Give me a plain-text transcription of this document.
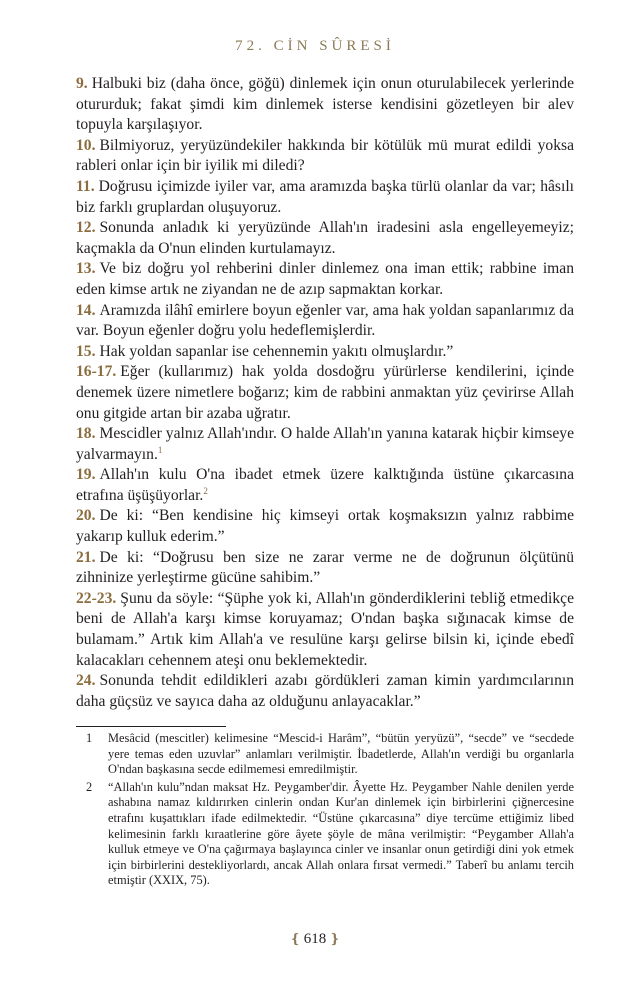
72. CİN SÛRESİ

9. Halbuki biz (daha önce, göğü) dinlemek için onun oturulabilecek yerlerinde otururduk; fakat şimdi kim dinlemek isterse kendisini gözetleyen bir alev topuyla karşılaşıyor.

10. Bilmiyoruz, yeryüzündekiler hakkında bir kötülük mü murat edildi yoksa rableri onlar için bir iyilik mi diledi?

11. Doğrusu içimizde iyiler var, ama aramızda başka türlü olanlar da var; hâsılı biz farklı gruplardan oluşuyoruz.

12. Sonunda anladık ki yeryüzünde Allah'ın iradesini asla engelleyemeyiz; kaçmakla da O'nun elinden kurtulamayız.

13. Ve biz doğru yol rehberini dinler dinlemez ona iman ettik; rabbine iman eden kimse artık ne ziyandan ne de azıp sapmaktan korkar.

14. Aramızda ilâhî emirlere boyun eğenler var, ama hak yoldan sapanlarımız da var. Boyun eğenler doğru yolu hedeflemişlerdir.

15. Hak yoldan sapanlar ise cehennemin yakıtı olmuşlardır.”

16-17. Eğer (kullarımız) hak yolda dosdoğru yürürlerse kendilerini, içinde denemek üzere nimetlere boğarız; kim de rabbini anmaktan yüz çevirirse Allah onu gitgide artan bir azaba uğratır.

18. Mescidler yalnız Allah'ındır. O halde Allah'ın yanına katarak hiçbir kimseye yalvarmayın.$^1$

19. Allah'ın kulu O'na ibadet etmek üzere kalktığında üstüne çıkarcasına etrafına üşüşüyorlar.$^2$

20. De ki: “Ben kendisine hiç kimseyi ortak koşmaksızın yalnız rabbime yakarıp kulluk ederim.”

21. De ki: “Doğrusu ben size ne zarar verme ne de doğrunun ölçütünü zihninize yerleştirme gücüne sahibim.”

22-23. Şunu da söyle: “Şüphe yok ki, Allah'ın gönderdiklerini tebliğ etmedikçe beni de Allah'a karşı kimse koruyamaz; O'ndan başka sığınacak kimse de bulamam.” Artık kim Allah'a ve resulüne karşı gelirse bilsin ki, içinde ebedî kalacakları cehennem ateşi onu beklemektedir.

24. Sonunda tehdit edildikleri azabı gördükleri zaman kimin yardımcılarının daha güçsüz ve sayıca daha az olduğunu anlayacaklar.”

1	Mesâcid (mescitler) kelimesine “Mescid-i Harâm”, “bütün yeryüzü”, “secde” ve “secdede yere temas eden uzuvlar” anlamları verilmiştir. İbadetlerde, Allah'ın verdiği bu organlarla O'ndan başkasına secde edilmemesi emredilmiştir.
2	“Allah'ın kulu”ndan maksat Hz. Peygamber'dir. Âyette Hz. Peygamber Nahle denilen yerde ashabına namaz kıldırırken cinlerin ondan Kur'an dinlemek için birbirlerini çiğnercesine etrafını kuşattıkları ifade edilmektedir. “Üstüne çıkarcasına” diye tercüme ettiğimiz libed kelimesinin farklı kıraatlerine göre âyete şöyle de mâna verilmiştir: “Peygamber Allah'a kulluk etmeye ve O'na çağırmaya başlayınca cinler ve insanlar onun getirdiği dini yok etmek için birbirlerini destekliyorlardı, ancak Allah onlara fırsat vermedi.” Taberî bu anlamı tercih etmiştir (XXIX, 75).
❴ 618 ❵
